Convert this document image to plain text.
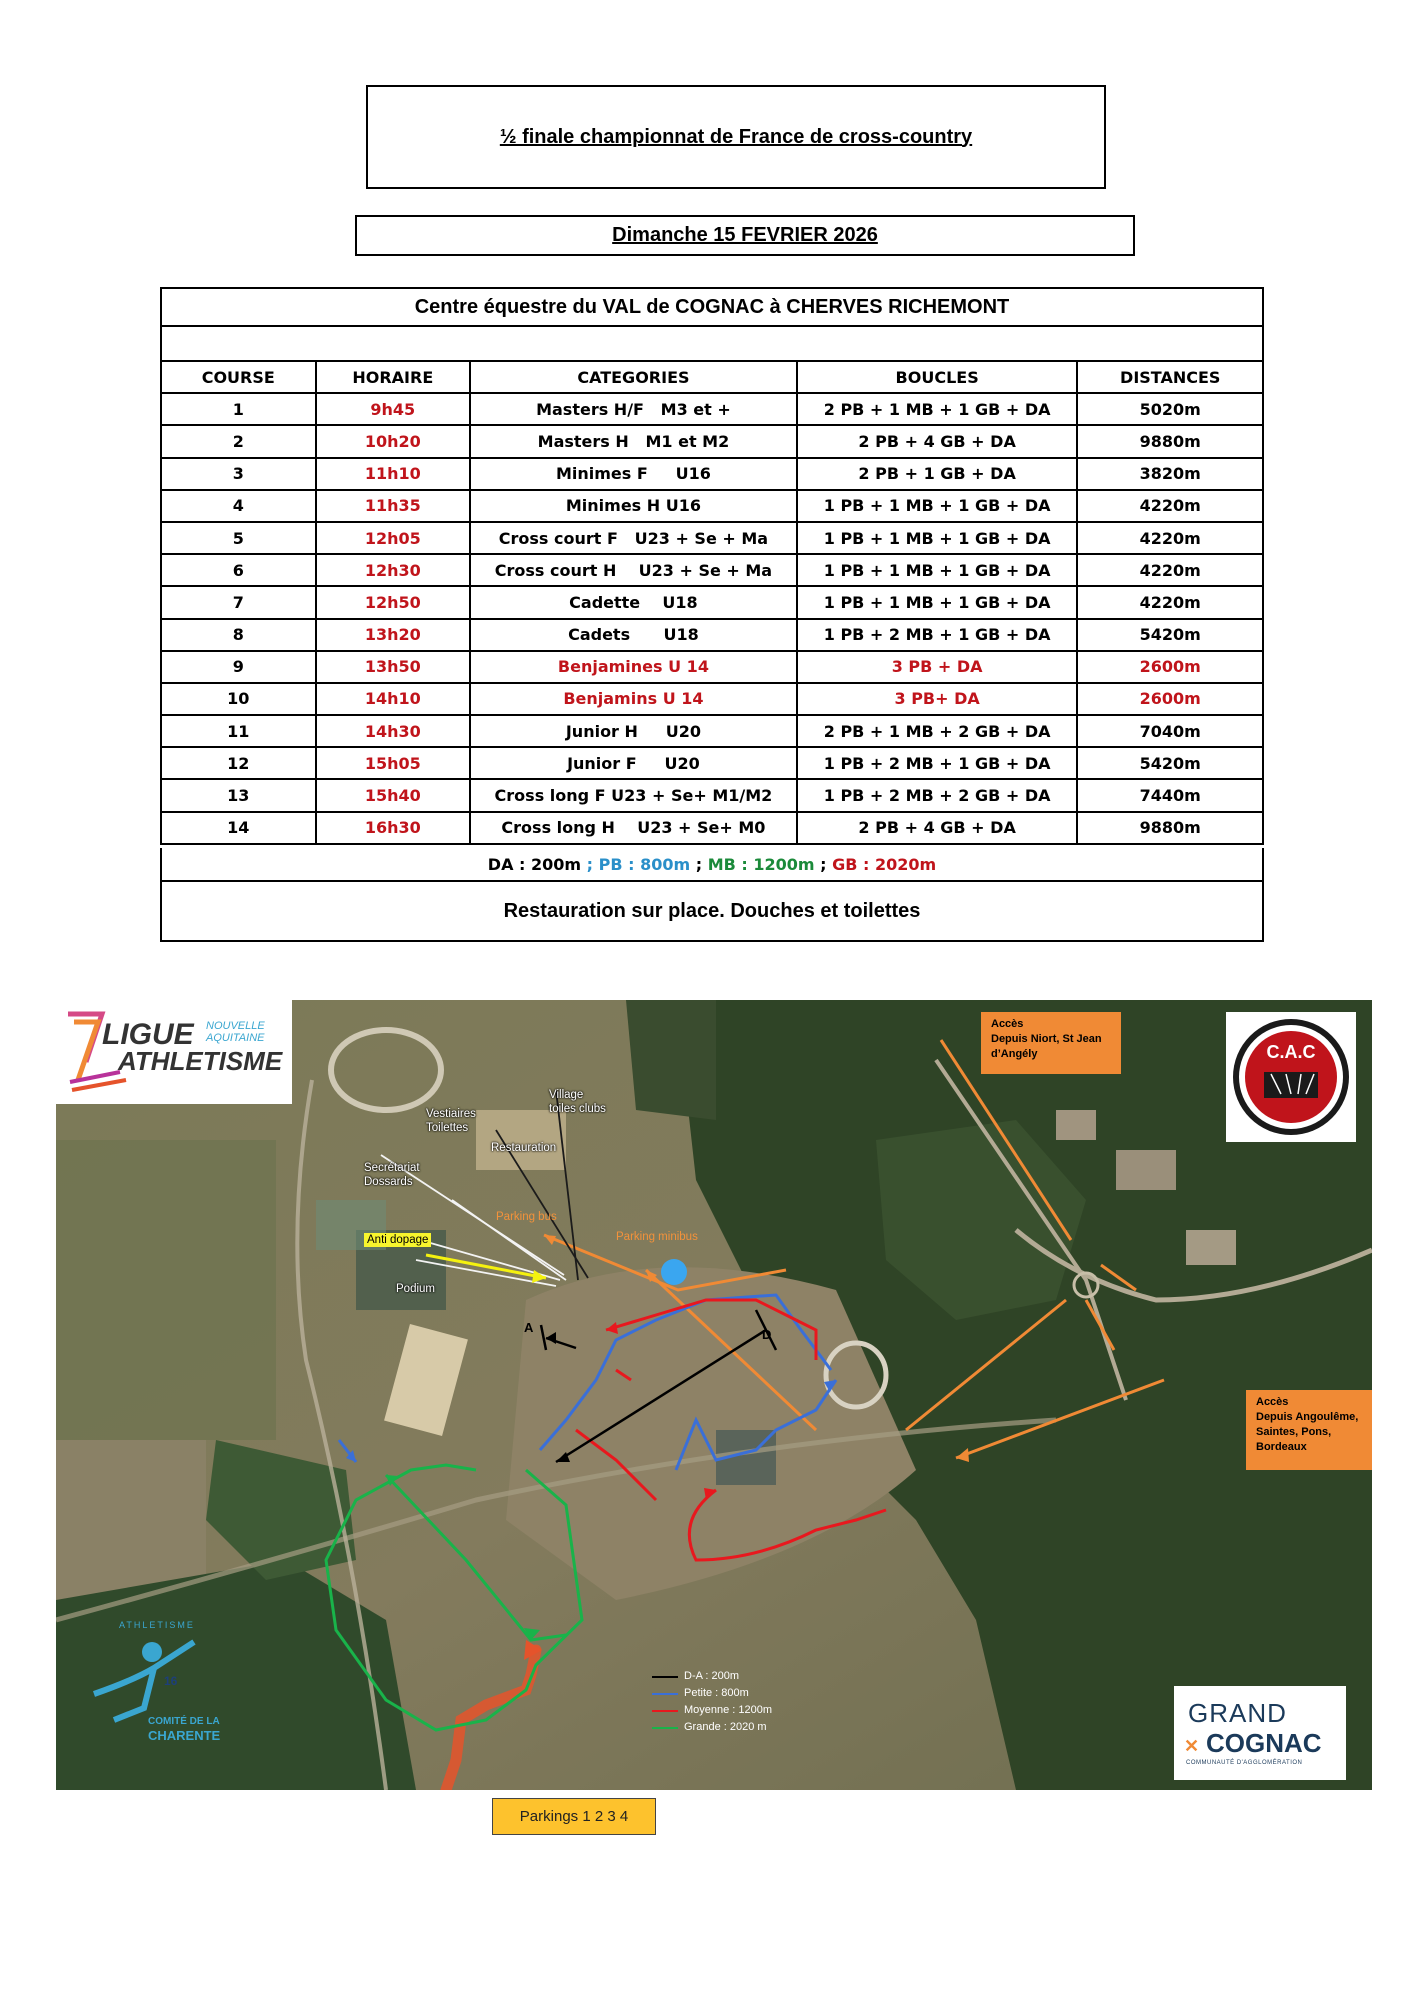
½ finale championnat de France de cross-country
Dimanche 15 FEVRIER 2026
Centre équestre du VAL de COGNAC à CHERVES RICHEMONT
COURSE	HORAIRE	CATEGORIES	BOUCLES	DISTANCES
1	9h45	Masters H/F   M3 et +	2 PB + 1 MB + 1 GB + DA	5020m
2	10h20	Masters H   M1 et M2	2 PB + 4 GB + DA	9880m
3	11h10	Minimes F     U16	2 PB + 1 GB + DA	3820m
4	11h35	Minimes H U16	1 PB + 1 MB + 1 GB + DA	4220m
5	12h05	Cross court F   U23 + Se + Ma	1 PB + 1 MB + 1 GB + DA	4220m
6	12h30	Cross court H    U23 + Se + Ma	1 PB + 1 MB + 1 GB + DA	4220m
7	12h50	Cadette    U18	1 PB + 1 MB + 1 GB + DA	4220m
8	13h20	Cadets      U18	1 PB + 2 MB + 1 GB + DA	5420m
9	13h50	Benjamines U 14	3 PB + DA	2600m
10	14h10	Benjamins U 14	3 PB+ DA	2600m
11	14h30	Junior H     U20	2 PB + 1 MB + 2 GB + DA	7040m
12	15h05	Junior F     U20	1 PB + 2 MB + 1 GB + DA	5420m
13	15h40	Cross long F U23 + Se+ M1/M2	1 PB + 2 MB + 2 GB + DA	7440m
14	16h30	Cross long H    U23 + Se+ M0	2 PB + 4 GB + DA	9880m
DA : 200m ; PB : 800m ; MB : 1200m ; GB : 2020m
Restauration sur place. Douches et toilettes
Vestiaires
Toilettes
Village
toiles clubs
Restauration
Secrétariat
Dossards
Parking bus
Parking minibus
Anti dopage
Podium
A	D
Accès
Depuis Niort, St Jean
d’Angély
Accès
Depuis Angoulême,
Saintes, Pons,
Bordeaux
D-A : 200m
Petite : 800m
Moyenne : 1200m
Grande : 2020 m
LIGUE
ATHLETISME
NOUVELLE
AQUITAINE
C.A.C
ATHLETISME
16
COMITÉ DE LA
CHARENTE
GRAND
✕ COGNAC
COMMUNAUTÉ D'AGGLOMÉRATION
Parkings 1 2 3 4
